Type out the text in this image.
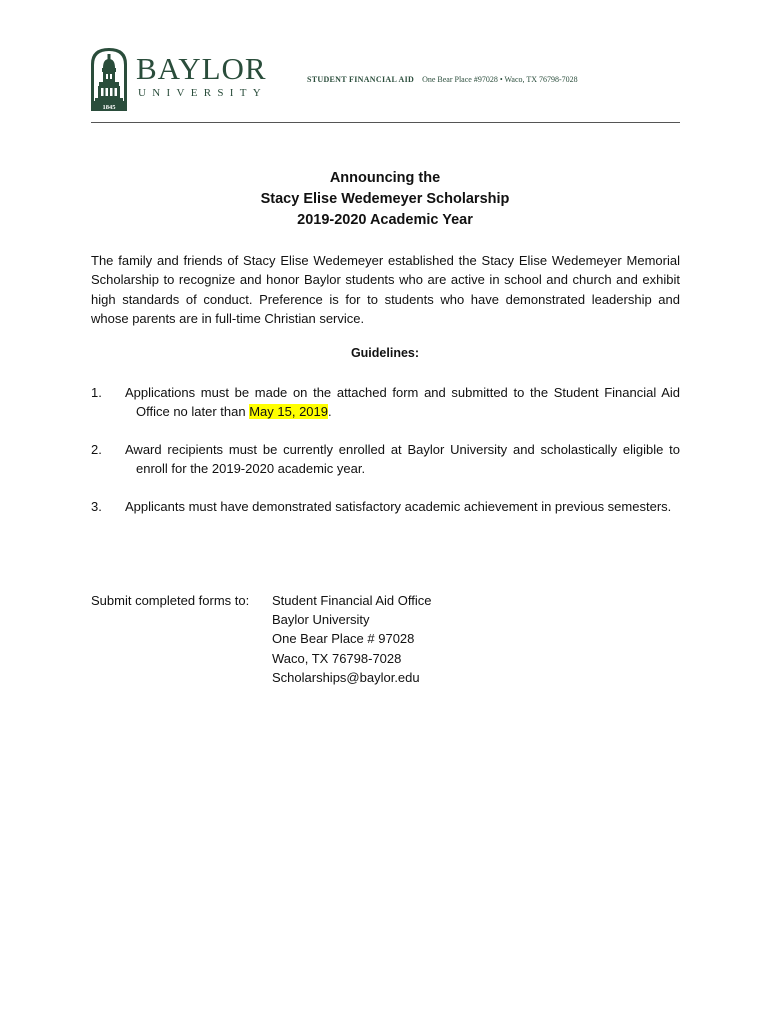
1845
BAYLOR
UNIVERSITY
STUDENT FINANCIAL AID One Bear Place #97028 • Waco, TX 76798-7028
Announcing the
Stacy Elise Wedemeyer Scholarship
2019-2020 Academic Year
The family and friends of Stacy Elise Wedemeyer established the Stacy Elise Wedemeyer Memorial Scholarship to recognize and honor Baylor students who are active in school and church and exhibit high standards of conduct. Preference is for to students who have demonstrated leadership and whose parents are in full-time Christian service.
Guidelines:
1. Applications must be made on the attached form and submitted to the Student Financial Aid Office no later than May 15, 2019.
2. Award recipients must be currently enrolled at Baylor University and scholastically eligible to enroll for the 2019-2020 academic year.
3. Applicants must have demonstrated satisfactory academic achievement in previous semesters.
Submit completed forms to: Student Financial Aid Office
Baylor University
One Bear Place # 97028
Waco, TX 76798-7028
Scholarships@baylor.edu
